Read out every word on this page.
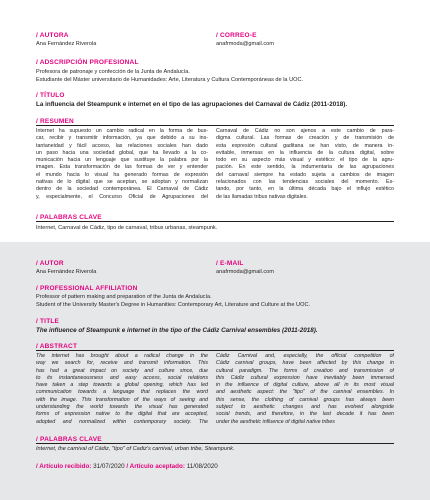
/ AUTORA	/ CORREO-E
Ana Fernández Riverola	anafrmoda@gmail.com
/ ADSCRIPCIÓN PROFESIONAL
Profesora de patronaje y confección de la Junta de Andalucía.
Estudiante del Máster universitario de Humanidades: Arte, Literatura y Cultura Contemporáneas de la UOC.
/ TÍTULO
La influencia del Steampunk e internet en el tipo de las agrupaciones del Carnaval de Cádiz (2011-2018).
/ RESUMEN
Internet ha supuesto un cambio radical en la forma de bus-
car, recibir y transmitir información, ya que debido a su ins-
tantaneidad y fácil acceso, las relaciones sociales han dado
un paso hacia una sociedad global, que ha llevado a la co-
municación hacia un lenguaje que sustituye la palabra por la
imagen. Esta transformación de las formas de ver y entender
el mundo hacia lo visual ha generado formas de expresión
nativas de lo digital que se aceptan, se adoptan y normalizan
dentro de la sociedad contemporánea. El Carnaval de Cádiz
y, especialmente, el Concurso Oficial de Agrupaciones del
Carnaval de Cádiz no son ajenos a este cambio de para-
digma cultural. Las formas de creación y de transmisión de
esta expresión cultural gaditana se han visto, de manera in-
evitable, inmersas en la influencia de la cultura digital, sobre
todo en su aspecto más visual y estético: el tipo de la agru-
pación. En este sentido, la indumentaria de las agrupaciones
del carnaval siempre ha estado sujeta a cambios de imagen
relacionados con las tendencias sociales del momento. Es-
tando, por tanto, en la última década bajo el influjo estético
de las llamadas tribus nativas digitales.
/ PALABRAS CLAVE
Internet, Carnaval de Cádiz, tipo de carnaval, tribus urbanas, steampunk.
/ AUTOR	/ E-MAIL
Ana Fernández Riverola	anafrmoda@gmail.com
/ PROFESSIONAL AFFILIATION
Professor of pattern making and preparation of the Junta de Andalucía.
Student of the University Master's Degree in Humanities: Contemporary Art, Literature and Culture at the UOC.
/ TITLE
The influence of Steampunk e internet in the tipo of the Cádiz Carnival ensembles (2011-2018).
/ ABSTRACT
The internet has brought about a radical change in the
way we search for, receive and transmit information. This
has had a great impact on society and culture since, due
to its instantaneousness and easy access, social relations
have taken a step towards a global opening, which has led
communication towards a language that replaces the word
with the image. This transformation of the ways of seeing and
understanding the world towards the visual has generated
forms of expression native to the digital that are accepted,
adopted and normalized within contemporary society. The
Cádiz Carnival and, especially, the official competition of
Cádiz carnival groups, have been affected by this change in
cultural paradigm. The forms of creation and transmission of
this Cádiz cultural expression have inevitably been immersed
in the influence of digital culture, above all in its most visual
and aesthetic aspect: the "tipo" of the carnival ensembles. In
this sense, the clothing of carnival groups has always been
subject to aesthetic changes and has evolved alongside
social trends, and therefore, in the last decade it has been
under the aesthetic influence of digital native tribes
/ PALABRAS CLAVE
Internet, the carnival of Cádiz, "tipo" of Cadiz's carnival, urban tribe, Steampunk.
/ Artículo recibido: 31/07/2020 / Artículo aceptado: 11/08/2020
